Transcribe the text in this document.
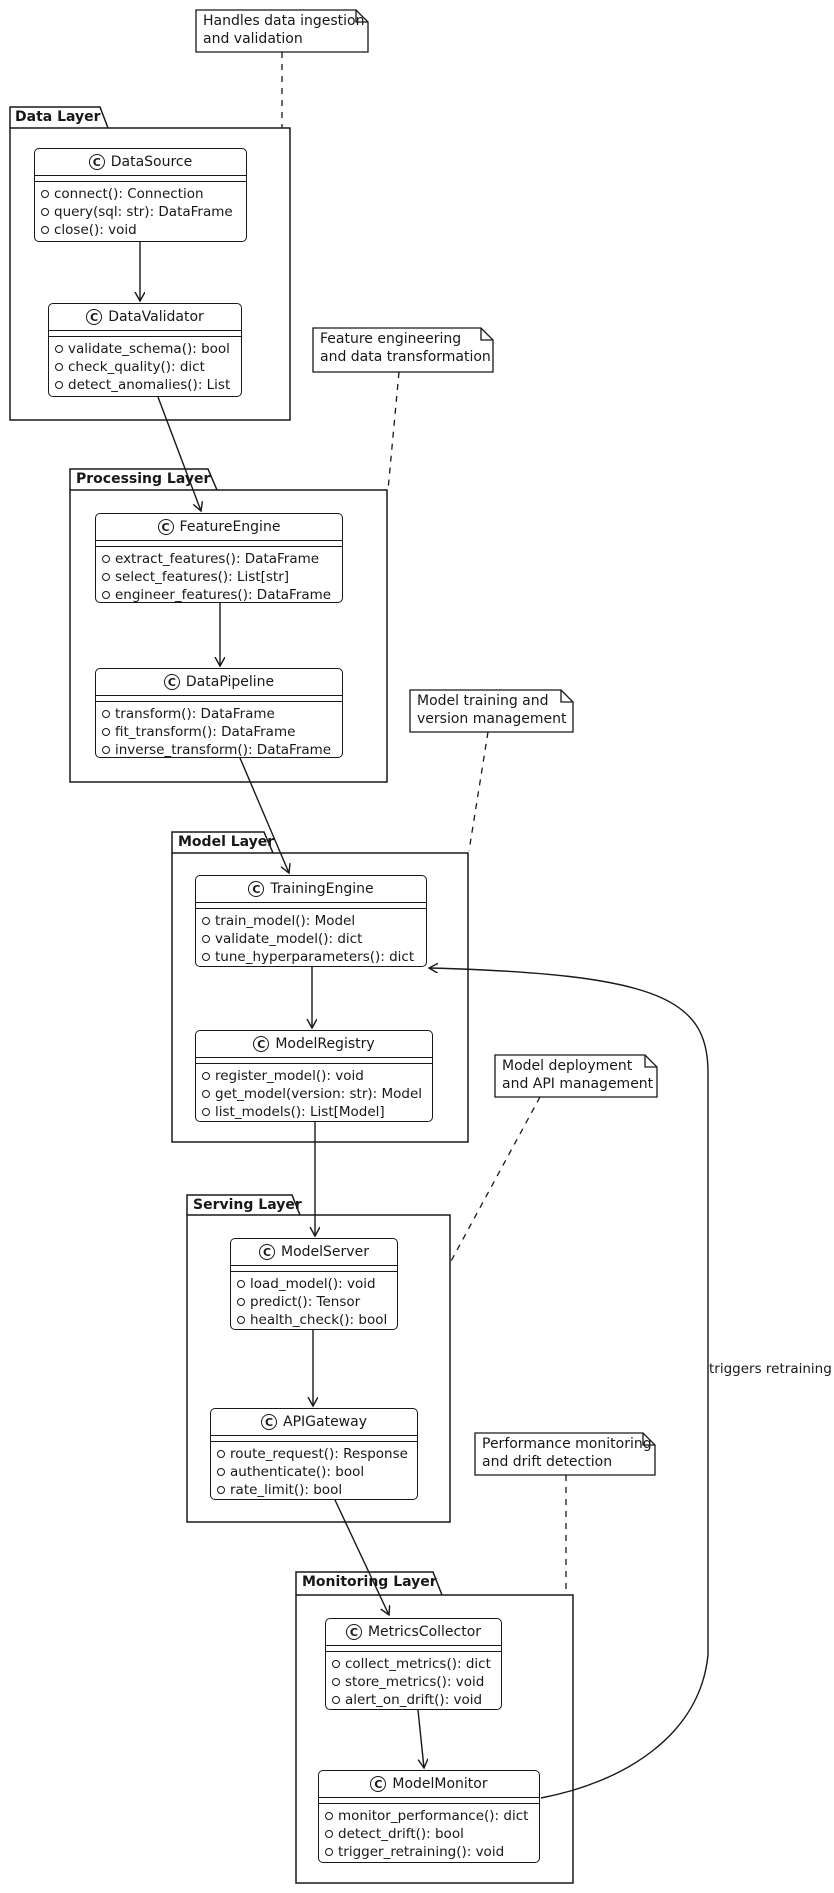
Data Layer
Processing Layer
Model Layer
Serving Layer
Monitoring Layer
Handles data ingestion
and validation
Feature engineering
and data transformation
Model training and
version management
Model deployment
and API management
Performance monitoring
and drift detection
triggers retraining
C DataSource
connect(): Connection
query(sql: str): DataFrame
close(): void
C DataValidator
validate_schema(): bool
check_quality(): dict
detect_anomalies(): List
C FeatureEngine
extract_features(): DataFrame
select_features(): List[str]
engineer_features(): DataFrame
C DataPipeline
transform(): DataFrame
fit_transform(): DataFrame
inverse_transform(): DataFrame
C TrainingEngine
train_model(): Model
validate_model(): dict
tune_hyperparameters(): dict
C ModelRegistry
register_model(): void
get_model(version: str): Model
list_models(): List[Model]
C ModelServer
load_model(): void
predict(): Tensor
health_check(): bool
C APIGateway
route_request(): Response
authenticate(): bool
rate_limit(): bool
C MetricsCollector
collect_metrics(): dict
store_metrics(): void
alert_on_drift(): void
C ModelMonitor
monitor_performance(): dict
detect_drift(): bool
trigger_retraining(): void
